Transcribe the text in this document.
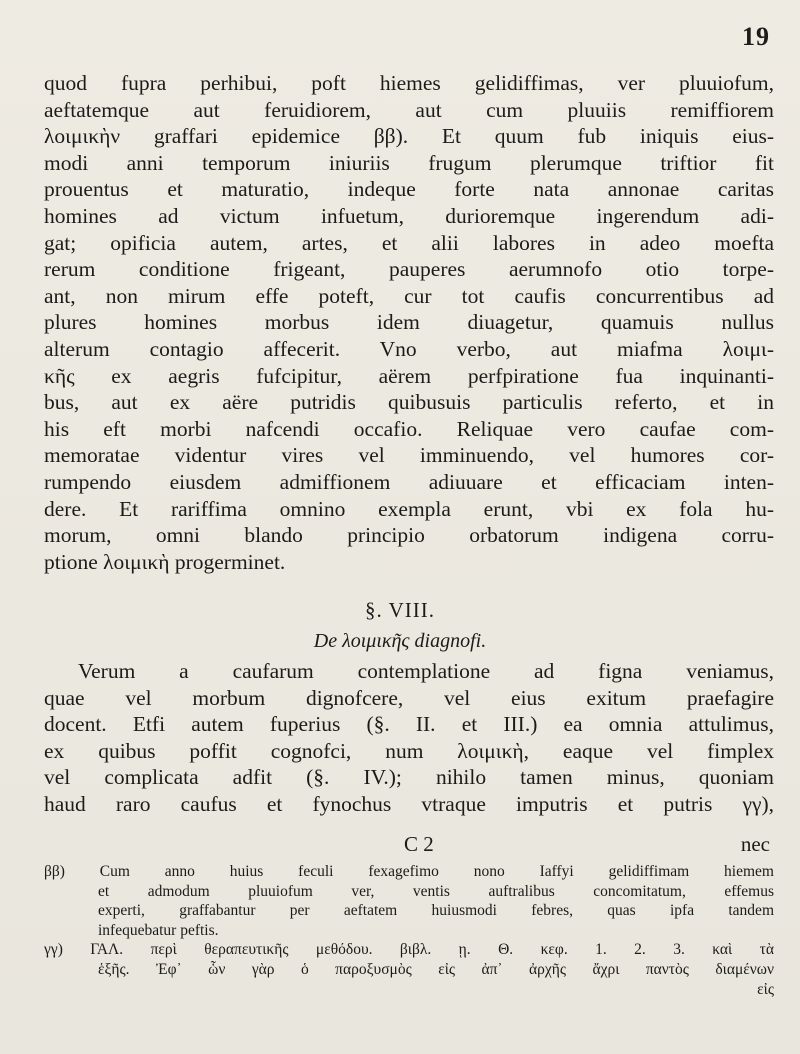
19
quod fupra perhibui, poft hiemes gelidiffimas, ver pluuiofum,
aeftatemque aut feruidiorem, aut cum pluuiis remiffiorem
λοιμικὴν graffari epidemice ββ). Et quum fub iniquis eius-
modi anni temporum iniuriis frugum plerumque triftior fit
prouentus et maturatio, indeque forte nata annonae caritas
homines ad victum infuetum, durioremque ingerendum adi-
gat; opificia autem, artes, et alii labores in adeo moefta
rerum conditione frigeant, pauperes aerumnofo otio torpe-
ant, non mirum effe poteft, cur tot caufis concurrentibus ad
plures homines morbus idem diuagetur, quamuis nullus
alterum contagio affecerit. Vno verbo, aut miafma λοιμι-
κῆς ex aegris fufcipitur, aërem perfpiratione fua inquinanti-
bus, aut ex aëre putridis quibusuis particulis referto, et in
his eft morbi nafcendi occafio. Reliquae vero caufae com-
memoratae videntur vires vel imminuendo, vel humores cor-
rumpendo eiusdem admiffionem adiuuare et efficaciam inten-
dere. Et rariffima omnino exempla erunt, vbi ex fola hu-
morum, omni blando principio orbatorum indigena corru-
ptione λοιμικὴ progerminet.
§. VIII.
De λοιμικῆς diagnofi.
Verum a caufarum contemplatione ad figna veniamus,
quae vel morbum dignofcere, vel eius exitum praefagire
docent. Etfi autem fuperius (§. II. et III.) ea omnia attulimus,
ex quibus poffit cognofci, num λοιμικὴ, eaque vel fimplex
vel complicata adfit (§. IV.); nihilo tamen minus, quoniam
haud raro caufus et fynochus vtraque imputris et putris γγ),
C 2	nec
ββ) Cum anno huius feculi fexagefimo nono Iaffyi gelidiffimam hiemem
et admodum pluuiofum ver, ventis auftralibus concomitatum, effemus
experti, graffabantur per aeftatem huiusmodi febres, quas ipfa tandem
infequebatur peftis.
γγ) ΓΑΛ. περὶ θεραπευτικῆς μεθόδου. βιβλ. ῃ. Θ. κεφ. 1. 2. 3. καὶ τὰ
ἑξῆς. Ἐφ᾽ ὧν γὰρ ὁ παροξυσμὸς εἰς ἀπ᾽ ἀρχῆς ἄχρι παντὸς διαμένων
εἰς
